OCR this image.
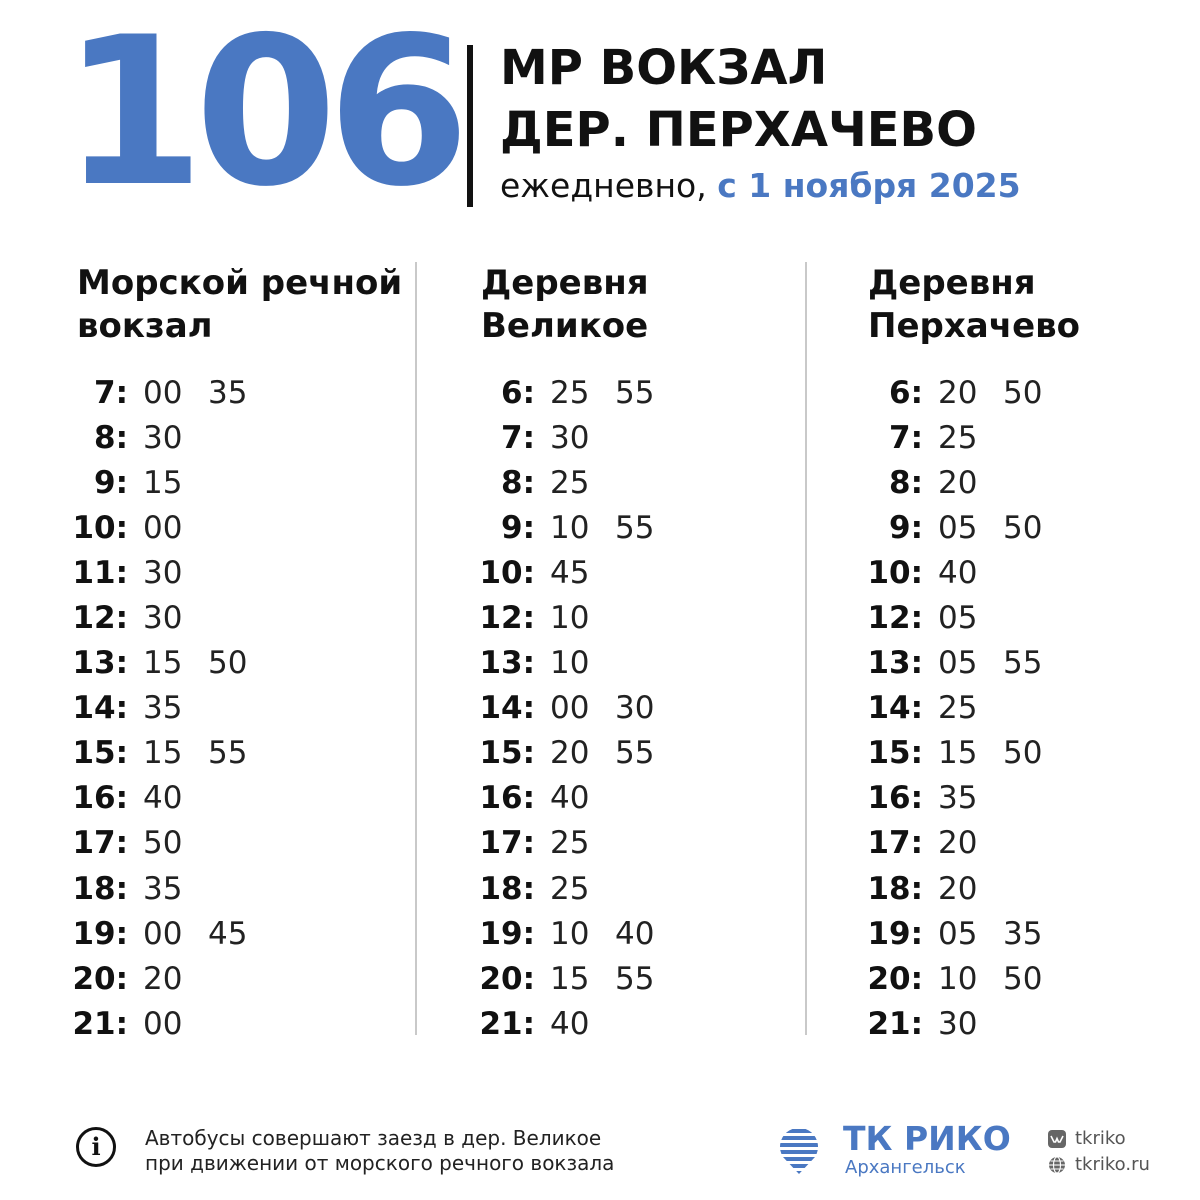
106 МР ВОКЗАЛ
ДЕР. ПЕРХАЧЕВО
ежедневно, с 1 ноября 2025

Морской речной

вокзал

Деревня

Великое

Деревня

Перхачево

7: 00 35
8: 30
9: 15
10: 00
11: 30
12: 30
13: 15 50
14: 35
15: 15 55
16: 40
17: 50
18: 35
19: 00 45
20: 20
21: 00
6: 25 55
7: 30
8: 25
9: 10 55
10: 45
12: 10
13: 10
14: 00 30
15: 20 55
16: 40
17: 25
18: 25
19: 10 40
20: 15 55
21: 40
6: 20 50
7: 25
8: 20
9: 05 50
10: 40
12: 05
13: 05 55
14: 25
15: 15 50
16: 35
17: 20
18: 20
19: 05 35
20: 10 50
21: 30
i	Автобусы совершают заезд в дер. Великое
при движении от морского речного вокзала
ТК РИКО
Архангельск
tkriko
tkriko.ru
